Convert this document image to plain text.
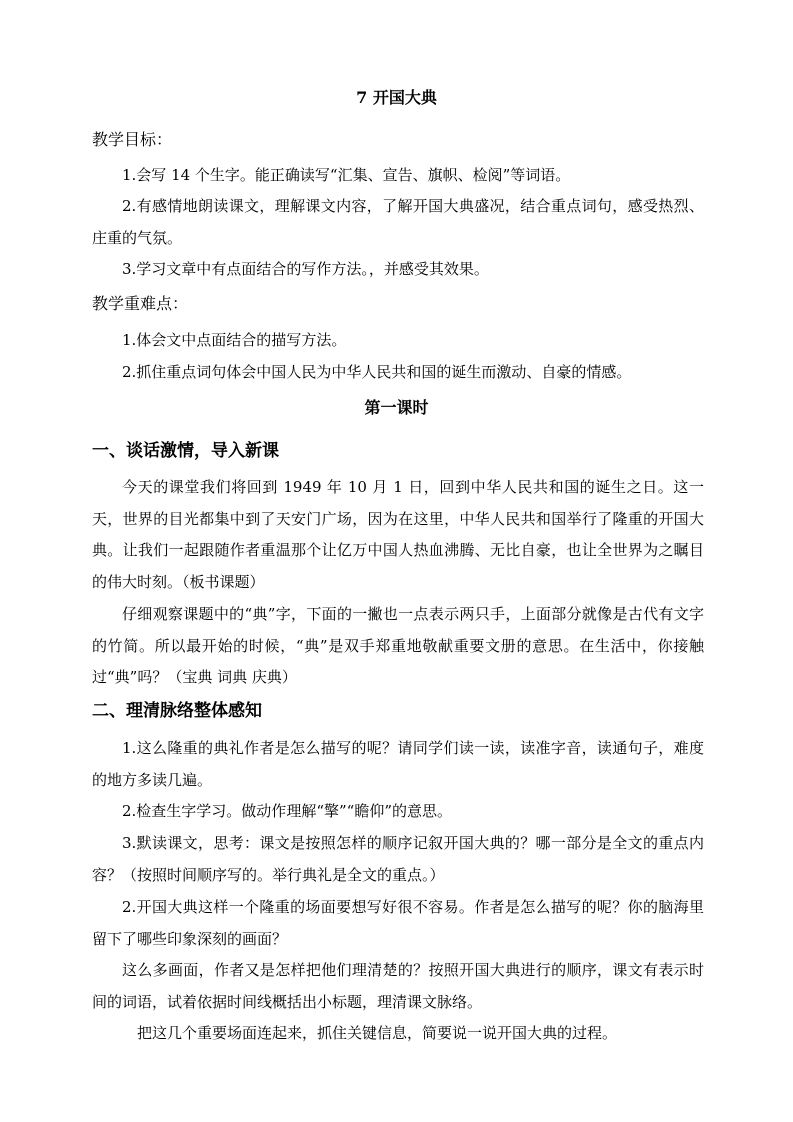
7 开国大典
教学目标：

1.会写 14 个生字。能正确读写“汇集、宣告、旗帜、检阅”等词语。

2.有感情地朗读课文，理解课文内容，了解开国大典盛况，结合重点词句，感受热烈、庄重的气氛。

3.学习文章中有点面结合的写作方法。，并感受其效果。

教学重难点：

1.体会文中点面结合的描写方法。

2.抓住重点词句体会中国人民为中华人民共和国的诞生而激动、自豪的情感。

第一课时
一、谈话激情，导入新课

今天的课堂我们将回到 1949 年 10 月 1 日，回到中华人民共和国的诞生之日。这一天，世界的目光都集中到了天安门广场，因为在这里，中华人民共和国举行了隆重的开国大典。让我们一起跟随作者重温那个让亿万中国人热血沸腾、无比自豪，也让全世界为之瞩目的伟大时刻。（板书课题）

仔细观察课题中的“典”字，下面的一撇也一点表示两只手，上面部分就像是古代有文字的竹简。所以最开始的时候，“典”是双手郑重地敬献重要文册的意思。在生活中，你接触过“典”吗？（宝典 词典 庆典）

二、理清脉络整体感知

1.这么隆重的典礼作者是怎么描写的呢？请同学们读一读，读准字音，读通句子，难度的地方多读几遍。

2.检查生字学习。做动作理解“擎”“瞻仰”的意思。

3.默读课文，思考：课文是按照怎样的顺序记叙开国大典的？哪一部分是全文的重点内容？（按照时间顺序写的。举行典礼是全文的重点。）

2.开国大典这样一个隆重的场面要想写好很不容易。作者是怎么描写的呢？你的脑海里留下了哪些印象深刻的画面？

这么多画面，作者又是怎样把他们理清楚的？按照开国大典进行的顺序，课文有表示时间的词语，试着依据时间线概括出小标题，理清课文脉络。

把这几个重要场面连起来，抓住关键信息，简要说一说开国大典的过程。
